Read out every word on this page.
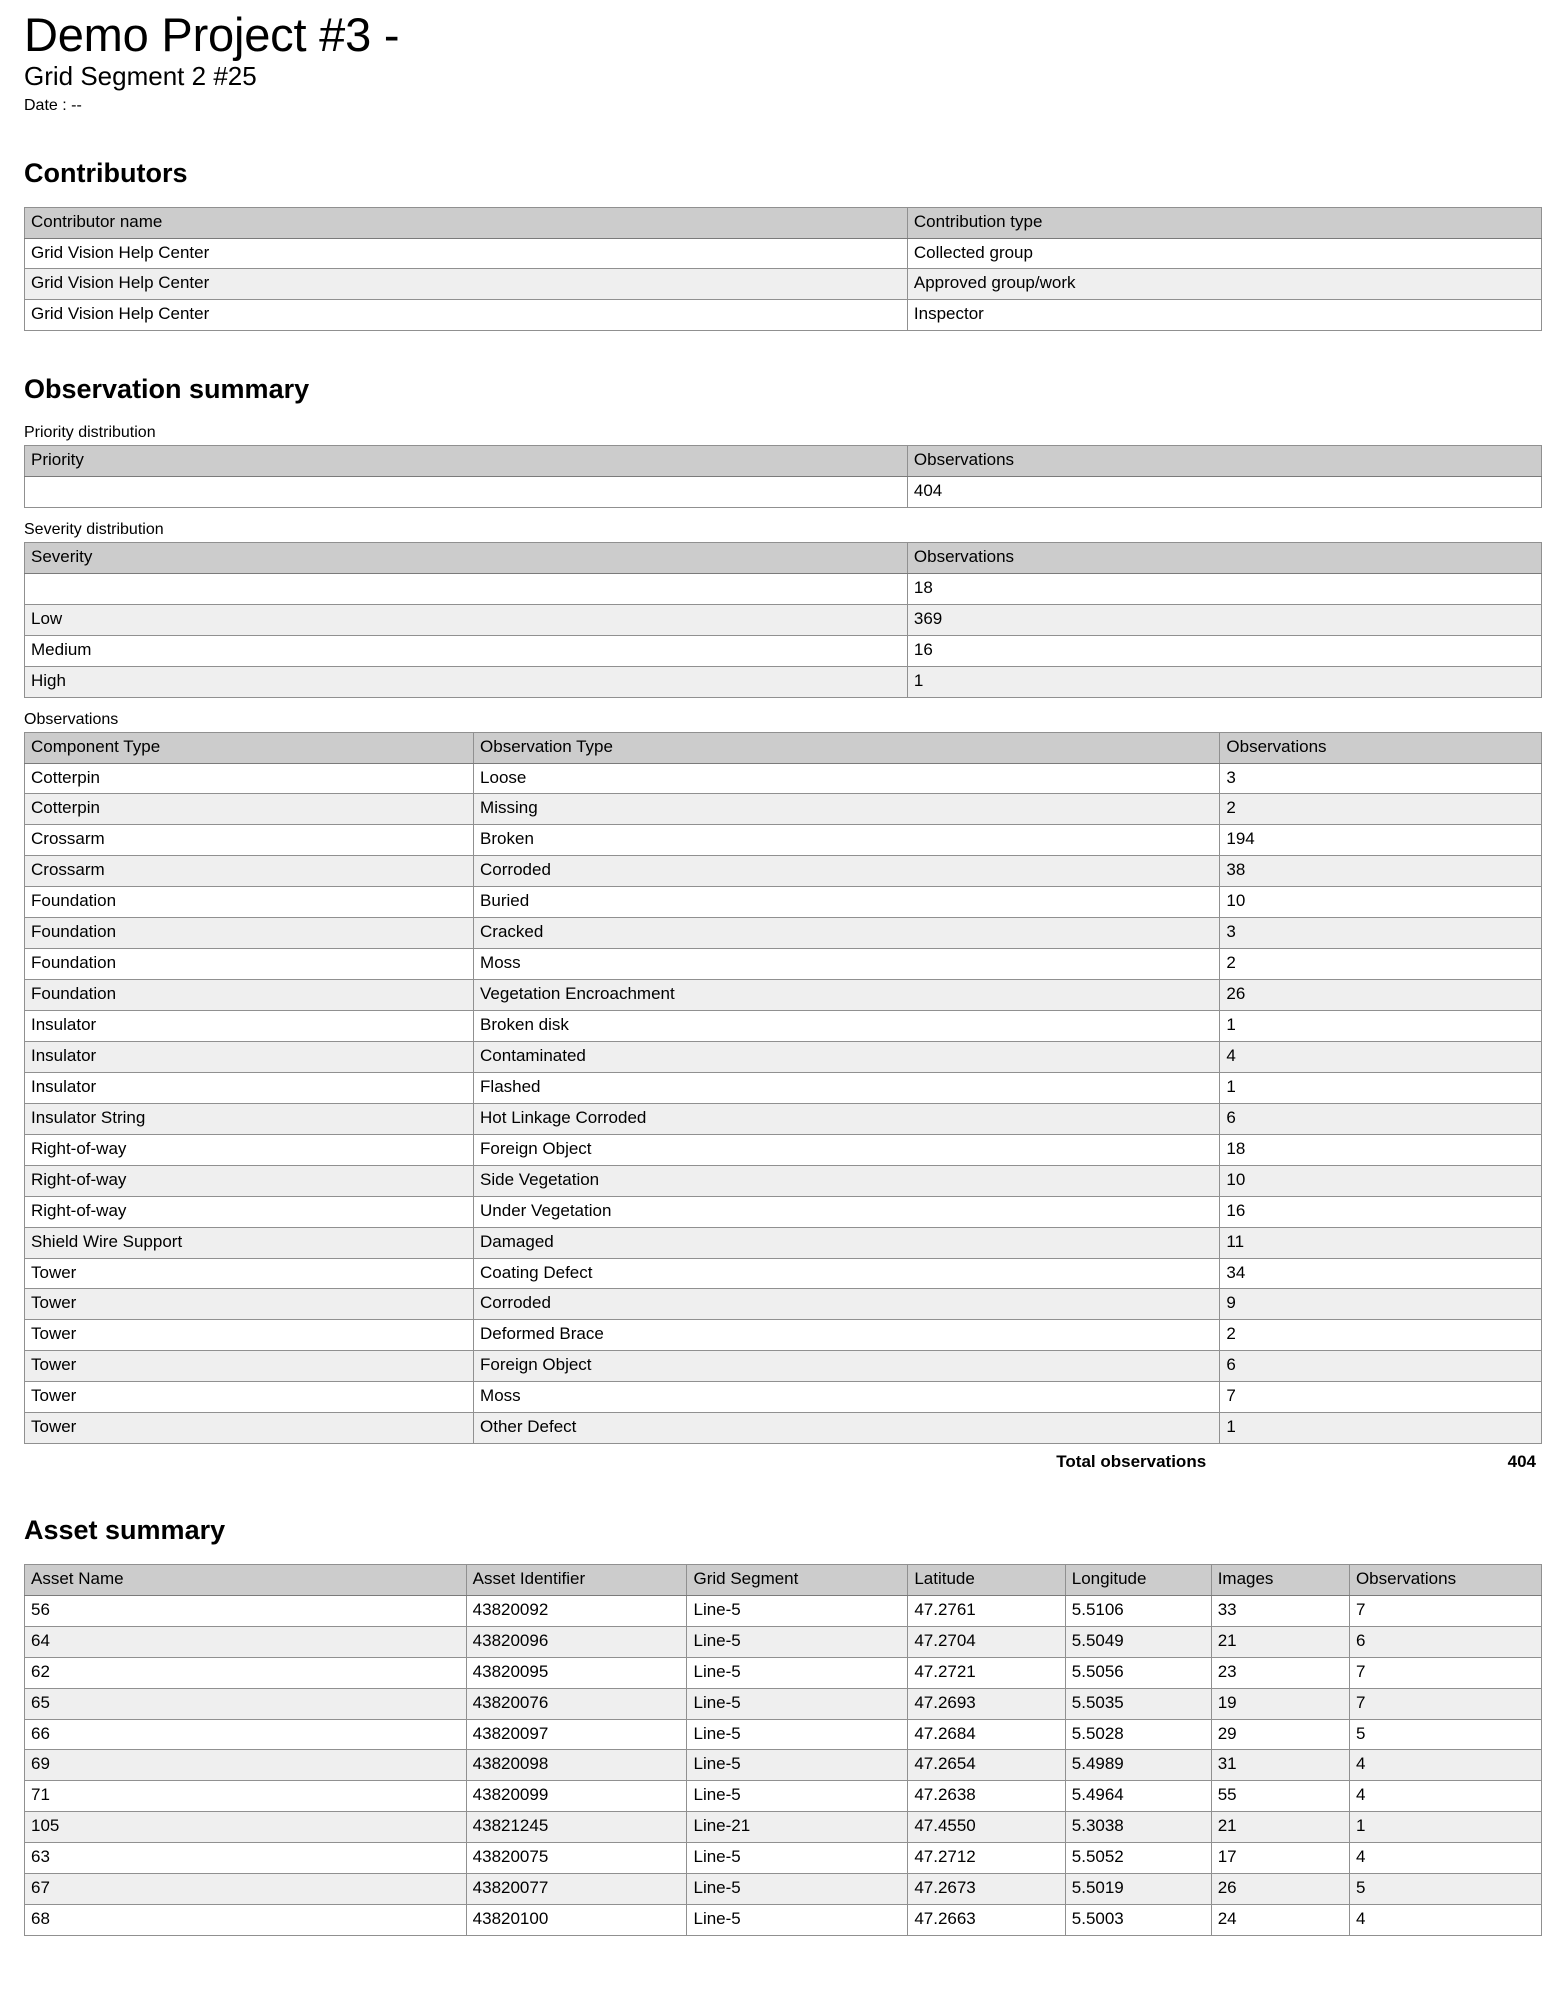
Demo Project #3 -
Grid Segment 2 #25
Date : --
Contributors
Contributor name	Contribution type
Grid Vision Help Center	Collected group
Grid Vision Help Center	Approved group/work
Grid Vision Help Center	Inspector
Observation summary
Priority distribution
Priority	Observations
	404
Severity distribution
Severity	Observations
	18
Low	369
Medium	16
High	1
Observations
Component Type	Observation Type	Observations
Cotterpin	Loose	3
Cotterpin	Missing	2
Crossarm	Broken	194
Crossarm	Corroded	38
Foundation	Buried	10
Foundation	Cracked	3
Foundation	Moss	2
Foundation	Vegetation Encroachment	26
Insulator	Broken disk	1
Insulator	Contaminated	4
Insulator	Flashed	1
Insulator String	Hot Linkage Corroded	6
Right-of-way	Foreign Object	18
Right-of-way	Side Vegetation	10
Right-of-way	Under Vegetation	16
Shield Wire Support	Damaged	11
Tower	Coating Defect	34
Tower	Corroded	9
Tower	Deformed Brace	2
Tower	Foreign Object	6
Tower	Moss	7
Tower	Other Defect	1
Total observations	404
Asset summary
Asset Name	Asset Identifier	Grid Segment	Latitude	Longitude	Images	Observations
56	43820092	Line-5	47.2761	5.5106	33	7
64	43820096	Line-5	47.2704	5.5049	21	6
62	43820095	Line-5	47.2721	5.5056	23	7
65	43820076	Line-5	47.2693	5.5035	19	7
66	43820097	Line-5	47.2684	5.5028	29	5
69	43820098	Line-5	47.2654	5.4989	31	4
71	43820099	Line-5	47.2638	5.4964	55	4
105	43821245	Line-21	47.4550	5.3038	21	1
63	43820075	Line-5	47.2712	5.5052	17	4
67	43820077	Line-5	47.2673	5.5019	26	5
68	43820100	Line-5	47.2663	5.5003	24	4
